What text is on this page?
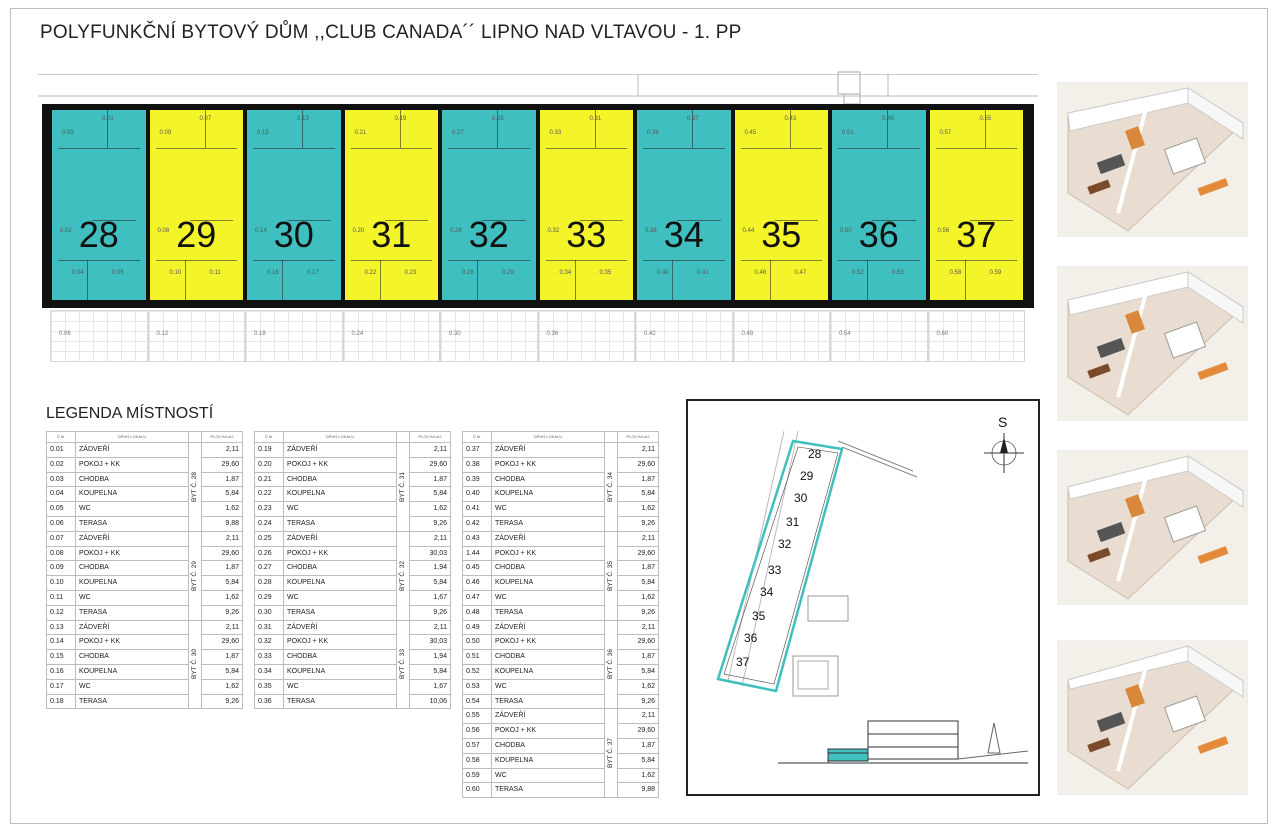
POLYFUNKČNÍ BYTOVÝ DŮM ,,CLUB CANADA´´ LIPNO NAD VLTAVOU - 1. PP
28
0.03
0.01
0.02
0.05
0.04
0.06
29
0.09
0.07
0.08
0.11
0.10
0.12
30
0.15
0.13
0.14
0.17
0.16
0.18
31
0.21
0.19
0.20
0.23
0.22
0.24
32
0.27
0.25
0.26
0.29
0.28
0.30
33
0.33
0.31
0.32
0.35
0.34
0.36
34
0.39
0.37
0.38
0.41
0.40
0.42
35
0.45
0.43
0.44
0.47
0.46
0.48
36
0.51
0.49
0.50
0.53
0.52
0.54
37
0.57
0.55
0.56
0.59
0.58
0.60
LEGENDA MÍSTNOSTÍ
Č.M.	DRUH LOKALU		PLOCHA m2
0.01	ZÁDVEŘÍ	BYT Č. 28	2,11
0.02	POKOJ + KK		29,60
0.03	CHODBA		1,87
0.04	KOUPELNA		5,84
0.05	WC		1,62
0.06	TERASA		9,88
0.07	ZÁDVEŘÍ	BYT Č. 29	2,11
0.08	POKOJ + KK		29,60
0.09	CHODBA		1,87
0.10	KOUPELNA		5,84
0.11	WC		1,62
0.12	TERASA		9,26
0.13	ZÁDVEŘÍ	BYT Č. 30	2,11
0.14	POKOJ + KK		29,60
0.15	CHODBA		1,87
0.16	KOUPELNA		5,84
0.17	WC		1,62
0.18	TERASA		9,26
Č.M.	DRUH LOKALU		PLOCHA m2
0.19	ZÁDVEŘÍ	BYT Č. 31	2,11
0.20	POKOJ + KK		29,60
0.21	CHODBA		1,87
0.22	KOUPELNA		5,84
0.23	WC		1,62
0.24	TERASA		9,26
0.25	ZÁDVEŘÍ	BYT Č. 32	2,11
0.26	POKOJ + KK		30,03
0.27	CHODBA		1,94
0.28	KOUPELNA		5,84
0.29	WC		1,67
0.30	TERASA		9,26
0.31	ZÁDVEŘÍ	BYT Č. 33	2,11
0.32	POKOJ + KK		30,03
0.33	CHODBA		1,94
0.34	KOUPELNA		5,84
0.35	WC		1,67
0.36	TERASA		10,06
Č.M.	DRUH LOKALU		PLOCHA m2
0.37	ZÁDVEŘÍ	BYT Č. 34	2,11
0.38	POKOJ + KK		29,60
0.39	CHODBA		1,87
0.40	KOUPELNA		5,84
0.41	WC		1,62
0.42	TERASA		9,26
0.43	ZÁDVEŘÍ	BYT Č. 35	2,11
1.44	POKOJ + KK		29,60
0.45	CHODBA		1,87
0.46	KOUPELNA		5,84
0.47	WC		1,62
0.48	TERASA		9,26
0.49	ZÁDVEŘÍ	BYT Č. 36	2,11
0.50	POKOJ + KK		29,60
0.51	CHODBA		1,87
0.52	KOUPELNA		5,84
0.53	WC		1,62
0.54	TERASA		9,26
0.55	ZÁDVEŘÍ	BYT Č. 37	2,11
0.56	POKOJ + KK		29,60
0.57	CHODBA		1,87
0.58	KOUPELNA		5,84
0.59	WC		1,62
0.60	TERASA		9,88
S
28
29
30
31
32
33
34
35
36
37
